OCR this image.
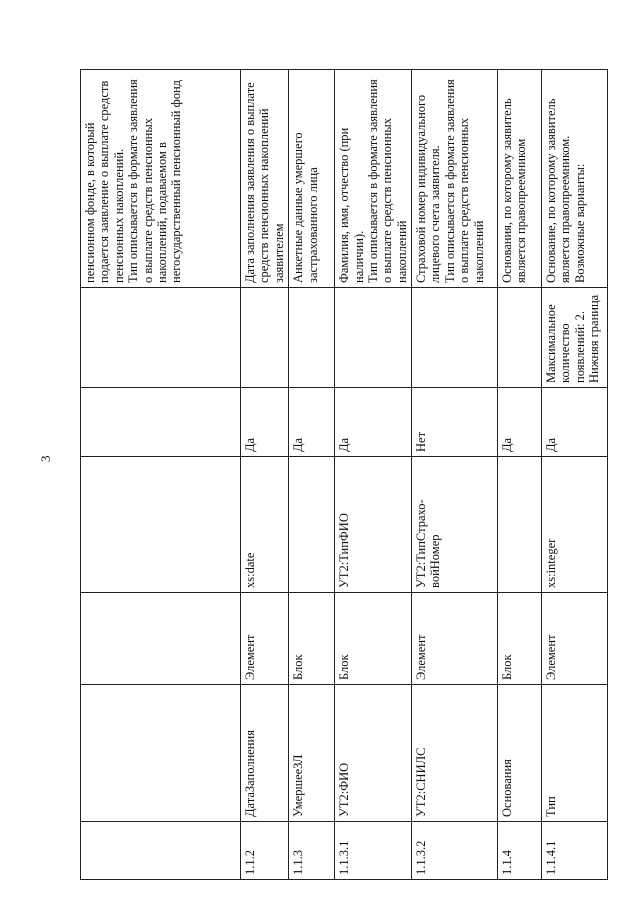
3
						пенсионном фонде, в который подается заявление о выплате средств пенсионных накоплений.
Тип описывается в формате заявления о выплате средств пенсионных накоплений, подаваемом в негосударственный пенсионный фонд
1.1.2	ДатаЗаполнения	Элемент	xs:date	Да		Дата заполнения заявления о выплате средств пенсионных накоплений заявителем
1.1.3	УмершееЗЛ	Блок		Да		Анкетные данные умершего застрахованного лица
1.1.3.1	УТ2:ФИО	Блок	УТ2:ТипФИО	Да		Фамилия, имя, отчество (при наличии).
Тип описывается в формате заявления о выплате средств пенсионных накоплений
1.1.3.2	УТ2:СНИЛС	Элемент	УТ2:ТипСтрахо-войНомер	Нет		Страховой номер индивидуального лицевого счета заявителя.
Тип описывается в формате заявления о выплате средств пенсионных накоплений
1.1.4	Основания	Блок		Да		Основания, по которому заявитель является правопреемником
1.1.4.1	Тип	Элемент	xs:integer	Да	Максимальное количество появлений: 2. Нижняя граница	Основание, по которому заявитель является правопреемником. Возможные варианты:
